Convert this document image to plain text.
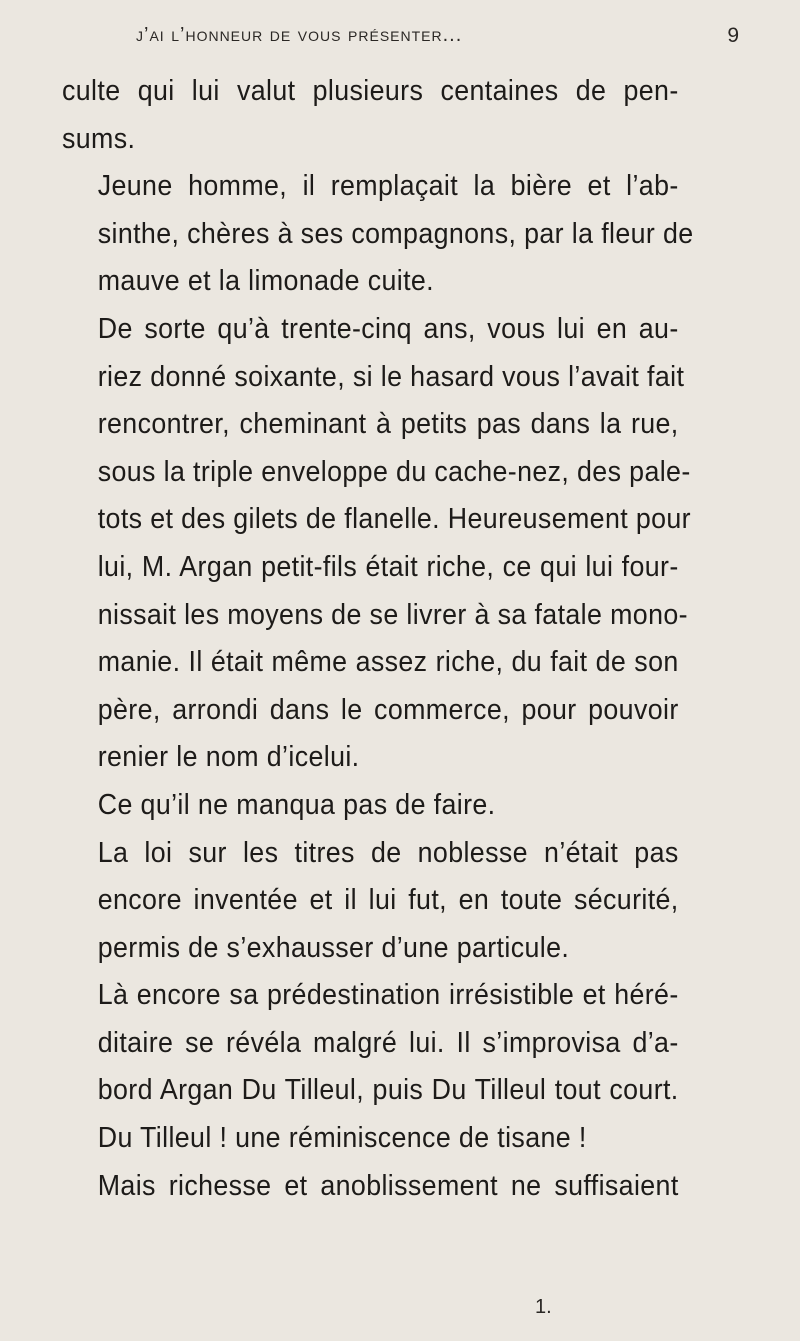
j’ai l’honneur de vous présenter...	9

culte qui lui valut plusieurs centaines de pen-
sums.

Jeune homme, il remplaçait la bière et l’ab-
sinthe, chères à ses compagnons, par la fleur de
mauve et la limonade cuite.

De sorte qu’à trente-cinq ans, vous lui en au-
riez donné soixante, si le hasard vous l’avait fait
rencontrer, cheminant à petits pas dans la rue,
sous la triple enveloppe du cache-nez, des pale-
tots et des gilets de flanelle. Heureusement pour
lui, M. Argan petit-fils était riche, ce qui lui four-
nissait les moyens de se livrer à sa fatale mono-
manie. Il était même assez riche, du fait de son
père, arrondi dans le commerce, pour pouvoir
renier le nom d’icelui.

Ce qu’il ne manqua pas de faire.

La loi sur les titres de noblesse n’était pas
encore inventée et il lui fut, en toute sécurité,
permis de s’exhausser d’une particule.

Là encore sa prédestination irrésistible et héré-
ditaire se révéla malgré lui. Il s’improvisa d’a-
bord Argan Du Tilleul, puis Du Tilleul tout court.
Du Tilleul ! une réminiscence de tisane !

Mais richesse et anoblissement ne suffisaient

1.
